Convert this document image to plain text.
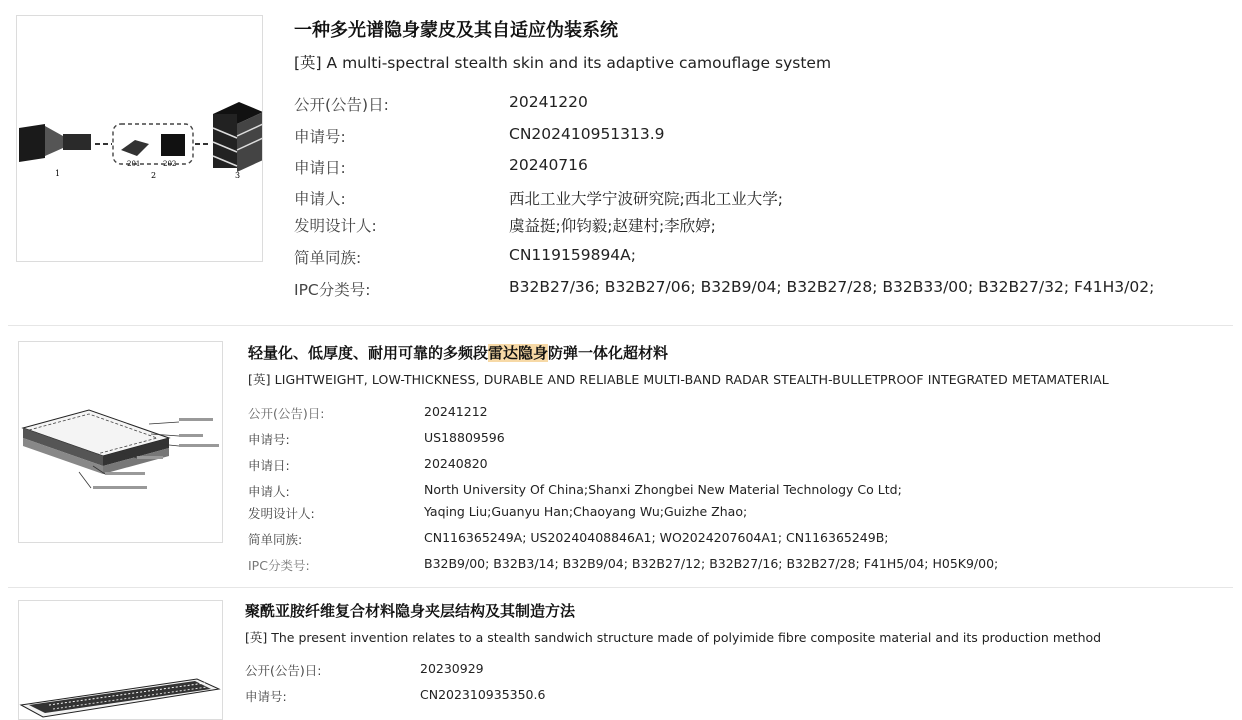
1
201	202
2	3
一种多光谱隐身蒙皮及其自适应伪装系统
[英] A multi-spectral stealth skin and its adaptive camouflage system
公开(公告)日:	20241220
申请号:	CN202410951313.9
申请日:	20240716
申请人:	西北工业大学宁波研究院;西北工业大学;
发明设计人:	虞益挺;仰钧毅;赵建村;李欣婷;
简单同族:	CN119159894A;
IPC分类号:	B32B27/36; B32B27/06; B32B9/04; B32B27/28; B32B33/00; B32B27/32; F41H3/02;
轻量化、低厚度、耐用可靠的多频段雷达隐身防弹一体化超材料
[英] LIGHTWEIGHT, LOW-THICKNESS, DURABLE AND RELIABLE MULTI-BAND RADAR STEALTH-BULLETPROOF INTEGRATED METAMATERIAL
公开(公告)日:	20241212
申请号:	US18809596
申请日:	20240820
申请人:	North University Of China;Shanxi Zhongbei New Material Technology Co Ltd;
发明设计人:	Yaqing Liu;Guanyu Han;Chaoyang Wu;Guizhe Zhao;
简单同族:	CN116365249A; US20240408846A1; WO2024207604A1; CN116365249B;
IPC分类号:	B32B9/00; B32B3/14; B32B9/04; B32B27/12; B32B27/16; B32B27/28; F41H5/04; H05K9/00;
聚酰亚胺纤维复合材料隐身夹层结构及其制造方法
[英] The present invention relates to a stealth sandwich structure made of polyimide fibre composite material and its production method
公开(公告)日:	20230929
申请号:	CN202310935350.6
